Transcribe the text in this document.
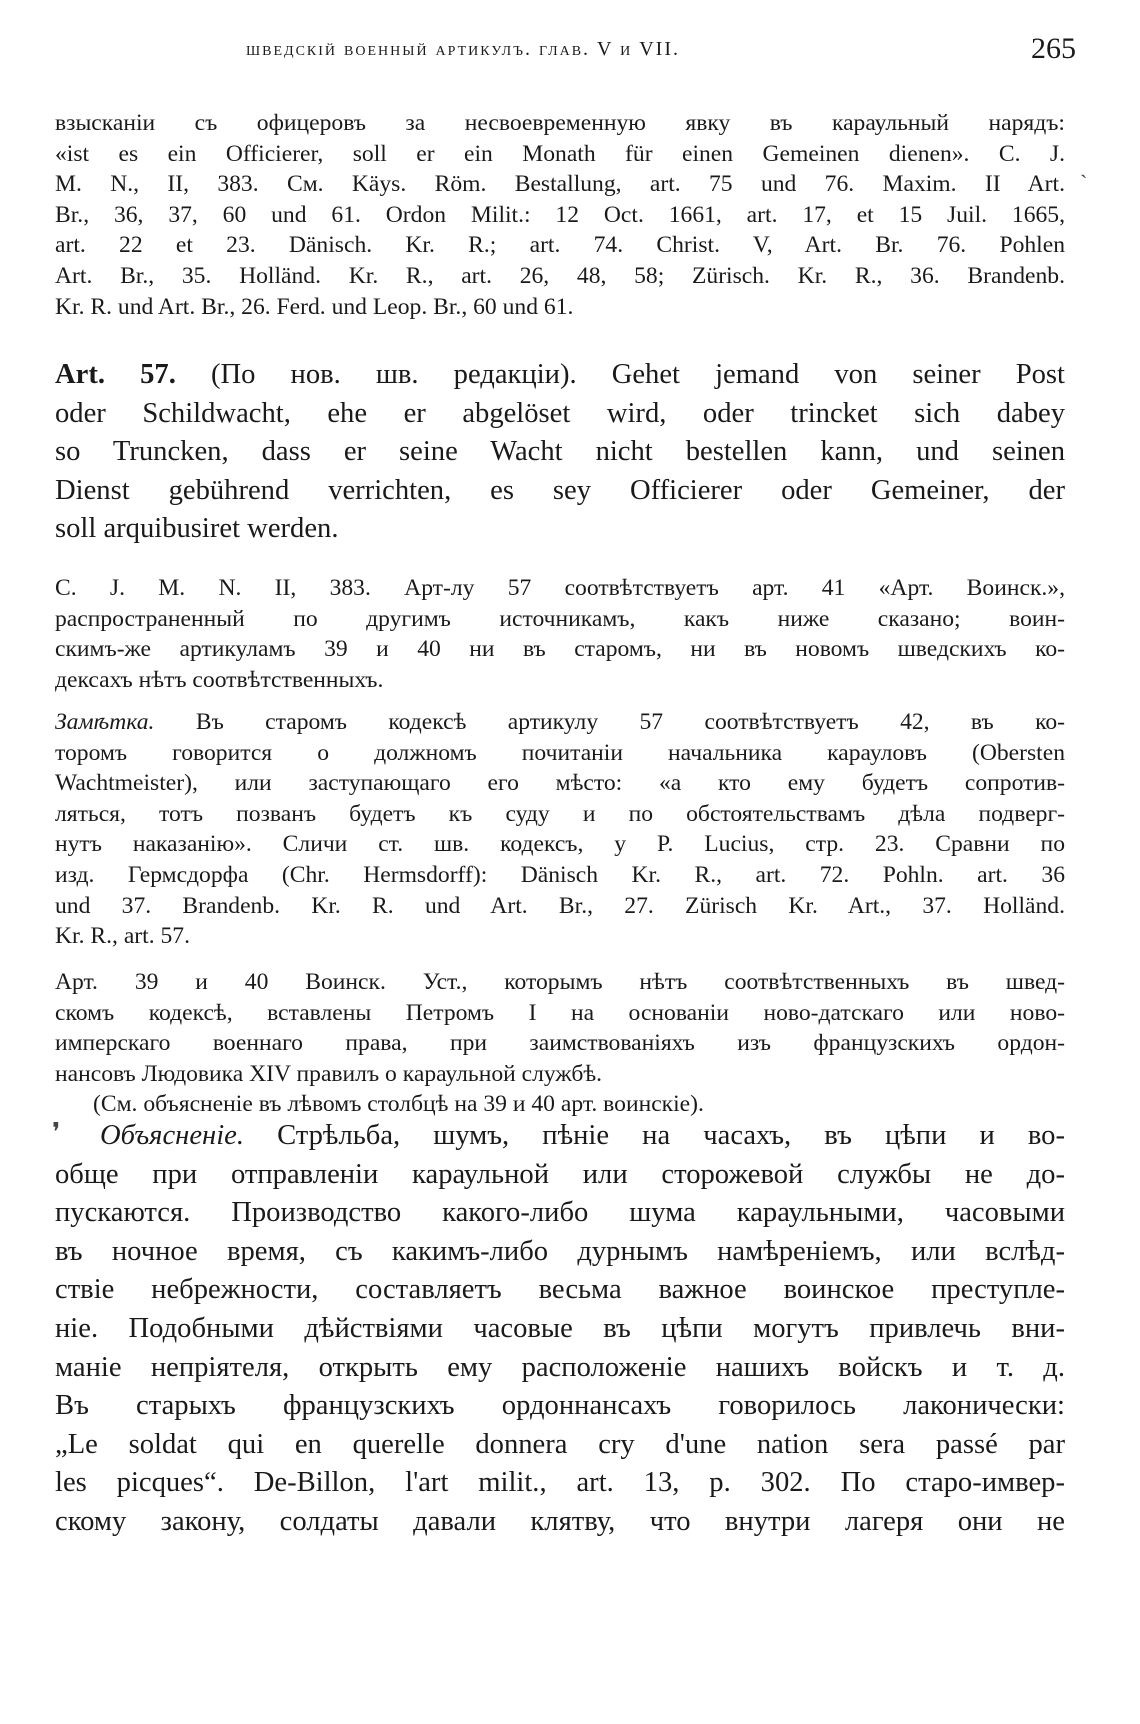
шведскій военный артикулъ. глав. V и VII.	265
взысканіи съ офицеровъ за несвоевременную явку въ караульный нарядъ:
«ist es ein Officierer, soll er ein Monath für einen Gemeinen dienen». C. J.
M. N., II, 383. См. Käys. Röm. Bestallung, art. 75 und 76. Maxim. II Art.
Br., 36, 37, 60 und 61. Ordon Milit.: 12 Oct. 1661, art. 17, et 15 Juil. 1665,
art. 22 et 23. Dänisch. Kr. R.; art. 74. Christ. V, Art. Br. 76. Pohlen
Art. Br., 35. Holländ. Kr. R., art. 26, 48, 58; Zürisch. Kr. R., 36. Brandenb.
Kr. R. und Art. Br., 26. Ferd. und Leop. Br., 60 und 61.
Art. 57. (По нов. шв. редакціи). Gehet jemand von seiner Post
oder Schildwacht, ehe er abgelöset wird, oder trincket sich dabey
so Truncken, dass er seine Wacht nicht bestellen kann, und seinen
Dienst gebührend verrichten, es sey Officierer oder Gemeiner, der
soll arquibusiret werden.
C. J. M. N. II, 383. Арт-лу 57 соотвѣтствуетъ арт. 41 «Арт. Воинск.»,
распространенный по другимъ источникамъ, какъ ниже сказано; воин-
скимъ-же артикуламъ 39 и 40 ни въ старомъ, ни въ новомъ шведскихъ ко-
дексахъ нѣтъ соотвѣтственныхъ.
Замѣтка. Въ старомъ кодексѣ артикулу 57 соотвѣтствуетъ 42, въ ко-
торомъ говорится о должномъ почитаніи начальника карауловъ (Obersten
Wachtmeister), или заступающаго его мѣсто: «а кто ему будетъ сопротив-
ляться, тотъ позванъ будетъ къ суду и по обстоятельствамъ дѣла подверг-
нутъ наказанію». Сличи ст. шв. кодексъ, у P. Lucius, стр. 23. Сравни по
изд. Гермсдорфа (Chr. Hermsdorff): Dänisch Kr. R., art. 72. Pohln. art. 36
und 37. Brandenb. Kr. R. und Art. Br., 27. Zürisch Kr. Art., 37. Holländ.
Kr. R., art. 57.
Арт. 39 и 40 Воинск. Уст., которымъ нѣтъ соотвѣтственныхъ въ швед-
скомъ кодексѣ, вставлены Петромъ I на основаніи ново-датскаго или ново-
имперскаго военнаго права, при заимствованіяхъ изъ французскихъ ордон-
нансовъ Людовика XIV правилъ о караульной службѣ.
(См. объясненіе въ лѣвомъ столбцѣ на 39 и 40 арт. воинскіе).
Объясненіе. Стрѣльба, шумъ, пѣніе на часахъ, въ цѣпи и во-
обще при отправленіи караульной или сторожевой службы не до-
пускаются. Производство какого-либо шума караульными, часовыми
въ ночное время, съ какимъ-либо дурнымъ намѣреніемъ, или вслѣд-
ствіе небрежности, составляетъ весьма важное воинское преступле-
ніе. Подобными дѣйствіями часовые въ цѣпи могутъ привлечь вни-
маніе непріятеля, открыть ему расположеніе нашихъ войскъ и т. д.
Въ старыхъ французскихъ ордоннансахъ говорилось лаконически:
„Le soldat qui en querelle donnera cry d'une nation sera passé par
les picques“. De-Billon, l'art milit., art. 13, p. 302. По старо-имвер-
скому закону, солдаты давали клятву, что внутри лагеря они не
ˋ
❜
